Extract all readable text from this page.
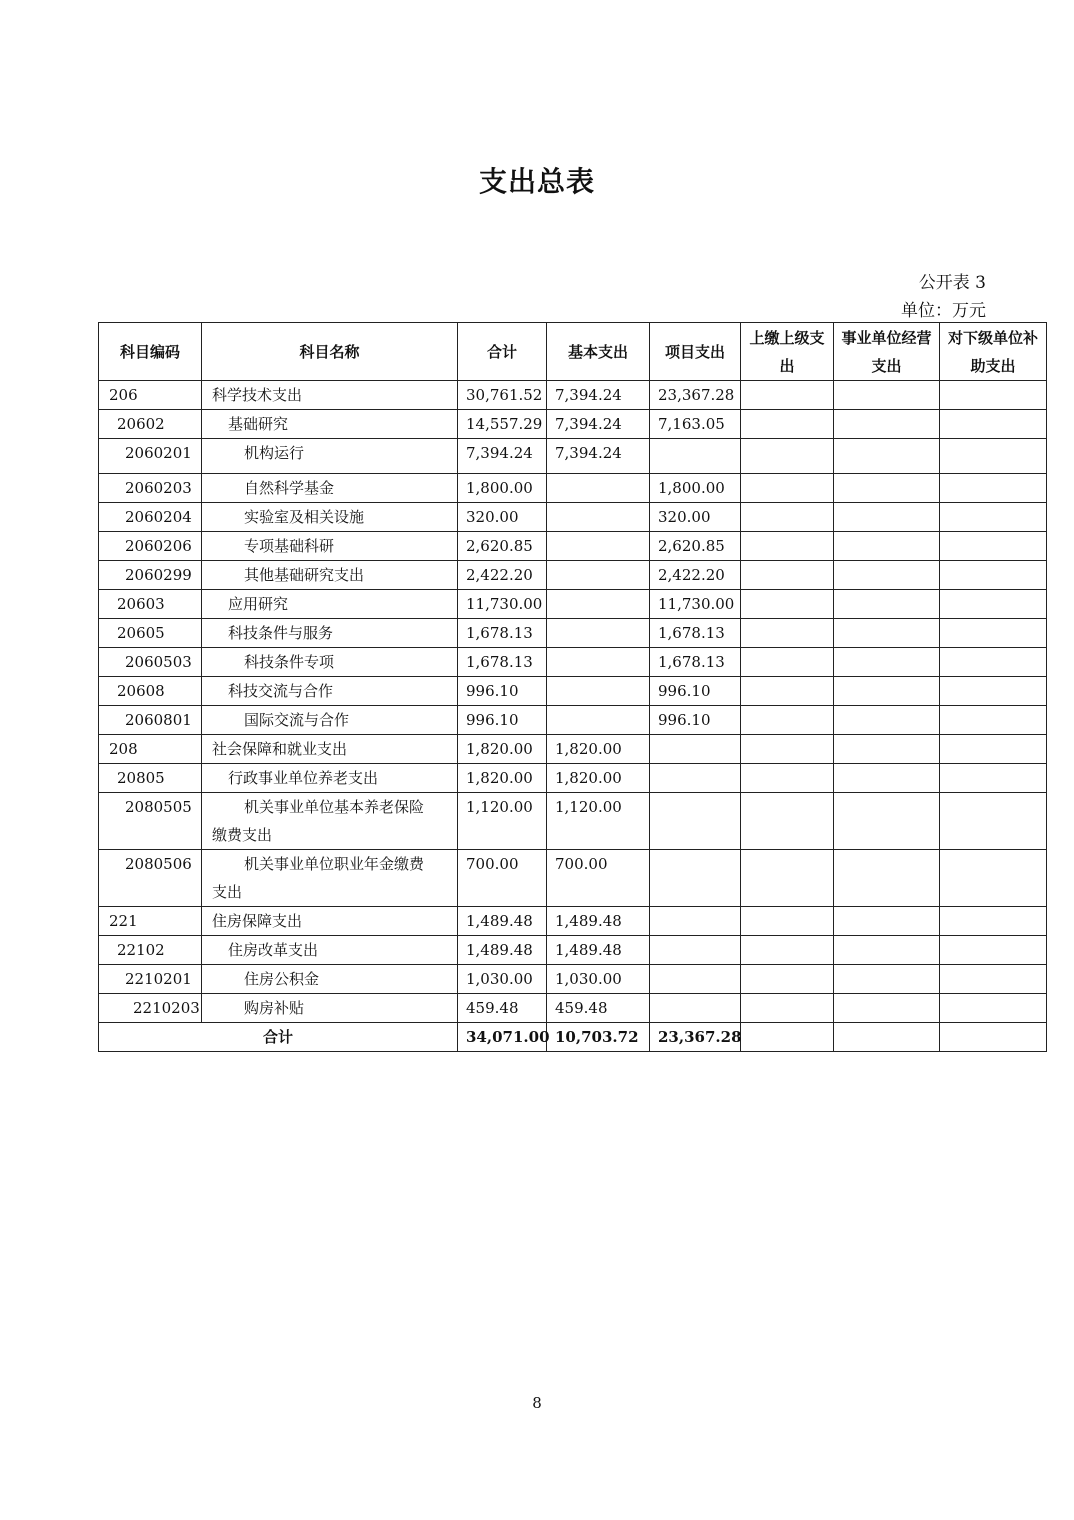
支出总表
公开表 3
单位：万元
科目编码	科目名称	合计	基本支出	项目支出	上缴上级支出	事业单位经营支出	对下级单位补助支出
206	科学技术支出	30,761.52	7,394.24	23,367.28			
20602	基础研究	14,557.29	7,394.24	7,163.05			
2060201	机构运行	7,394.24	7,394.24				
2060203	自然科学基金	1,800.00		1,800.00			
2060204	实验室及相关设施	320.00		320.00			
2060206	专项基础科研	2,620.85		2,620.85			
2060299	其他基础研究支出	2,422.20		2,422.20			
20603	应用研究	11,730.00		11,730.00			
20605	科技条件与服务	1,678.13		1,678.13			
2060503	科技条件专项	1,678.13		1,678.13			
20608	科技交流与合作	996.10		996.10			
2060801	国际交流与合作	996.10		996.10			
208	社会保障和就业支出	1,820.00	1,820.00				
20805	行政事业单位养老支出	1,820.00	1,820.00				
2080505	机关事业单位基本养老保险
缴费支出	1,120.00	1,120.00				
2080506	机关事业单位职业年金缴费
支出	700.00	700.00				
221	住房保障支出	1,489.48	1,489.48				
22102	住房改革支出	1,489.48	1,489.48				
2210201	住房公积金	1,030.00	1,030.00				
2210203	购房补贴	459.48	459.48				
合计		34,071.00	10,703.72	23,367.28			
8
